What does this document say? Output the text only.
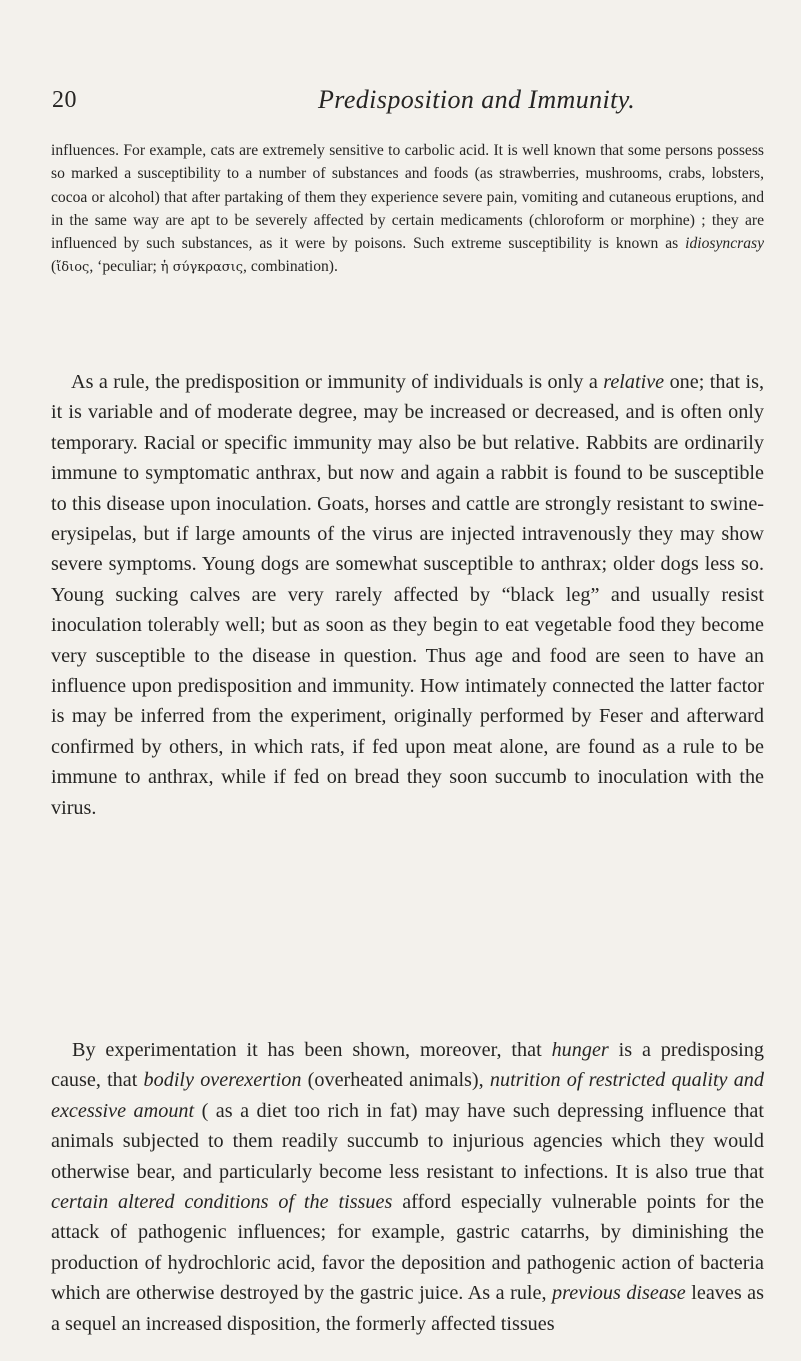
20	Predisposition and Immunity.

influences. For example, cats are extremely sensitive to carbolic acid. It is well known that some persons possess so marked a susceptibility to a number of substances and foods (as strawberries, mushrooms, crabs, lobsters, cocoa or alcohol) that after partaking of them they experience severe pain, vomiting and cutaneous eruptions, and in the same way are apt to be severely affected by certain medicaments (chloroform or morphine) ; they are influenced by such substances, as it were by poisons. Such extreme susceptibility is known as idiosyncrasy (ἴδιος, ‘peculiar; ἡ σύγκρασις, combination).

As a rule, the predisposition or immunity of individuals is only a relative one; that is, it is variable and of moderate degree, may be increased or decreased, and is often only temporary. Racial or specific immunity may also be but relative. Rabbits are ordinarily immune to symptomatic anthrax, but now and again a rabbit is found to be susceptible to this disease upon inoculation. Goats, horses and cattle are strongly resistant to swine-erysipelas, but if large amounts of the virus are injected intravenously they may show severe symptoms. Young dogs are somewhat susceptible to anthrax; older dogs less so. Young sucking calves are very rarely affected by “black leg” and usually resist inoculation tolerably well; but as soon as they begin to eat vegetable food they become very susceptible to the disease in question. Thus age and food are seen to have an influence upon predisposition and immunity. How intimately connected the latter factor is may be inferred from the experiment, originally performed by Feser and afterward confirmed by others, in which rats, if fed upon meat alone, are found as a rule to be immune to anthrax, while if fed on bread they soon succumb to inoculation with the virus.

By experimentation it has been shown, moreover, that hunger is a predisposing cause, that bodily overexertion (overheated animals), nutrition of restricted quality and excessive amount ( as a diet too rich in fat) may have such depressing influence that animals subjected to them readily succumb to injurious agencies which they would otherwise bear, and particularly become less resistant to infections. It is also true that certain altered conditions of the tissues afford especially vulnerable points for the attack of pathogenic influences; for example, gastric catarrhs, by diminishing the production of hydrochloric acid, favor the deposition and pathogenic action of bacteria which are otherwise destroyed by the gastric juice. As a rule, previous disease leaves as a sequel an increased disposition, the formerly affected tissues
